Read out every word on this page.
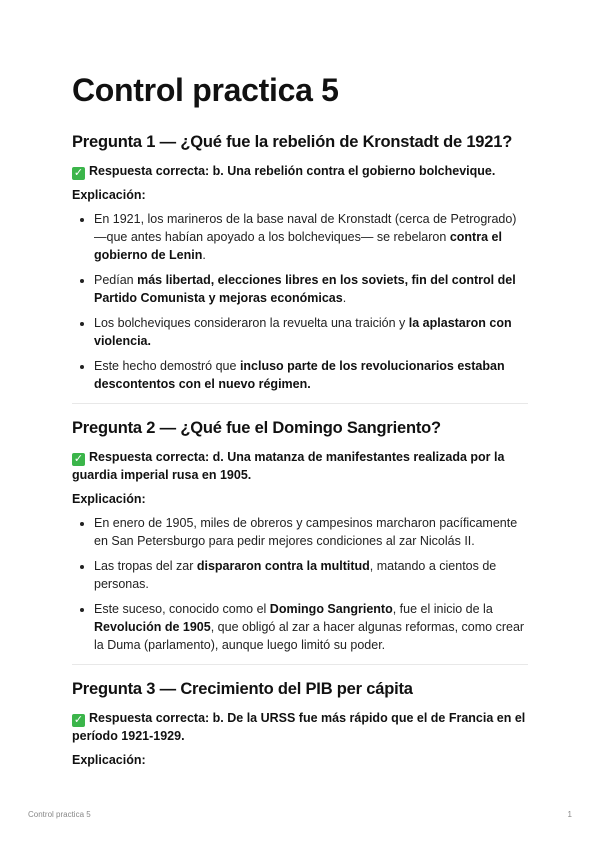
Control practica 5
Pregunta 1 — ¿Qué fue la rebelión de Kronstadt de 1921?

✓ Respuesta correcta: b. Una rebelión contra el gobierno bolchevique.

Explicación:

• En 1921, los marineros de la base naval de Kronstadt (cerca de Petrogrado) —que antes habían apoyado a los bolcheviques— se rebelaron contra el gobierno de Lenin.
• Pedían más libertad, elecciones libres en los soviets, fin del control del Partido Comunista y mejoras económicas.
• Los bolcheviques consideraron la revuelta una traición y la aplastaron con violencia.
• Este hecho demostró que incluso parte de los revolucionarios estaban descontentos con el nuevo régimen.
Pregunta 2 — ¿Qué fue el Domingo Sangriento?

✓ Respuesta correcta: d. Una matanza de manifestantes realizada por la guardia imperial rusa en 1905.

Explicación:

• En enero de 1905, miles de obreros y campesinos marcharon pacíficamente en San Petersburgo para pedir mejores condiciones al zar Nicolás II.
• Las tropas del zar dispararon contra la multitud, matando a cientos de personas.
• Este suceso, conocido como el Domingo Sangriento, fue el inicio de la Revolución de 1905, que obligó al zar a hacer algunas reformas, como crear la Duma (parlamento), aunque luego limitó su poder.
Pregunta 3 — Crecimiento del PIB per cápita

✓ Respuesta correcta: b. De la URSS fue más rápido que el de Francia en el período 1921-1929.

Explicación:

Control practica 5	1
